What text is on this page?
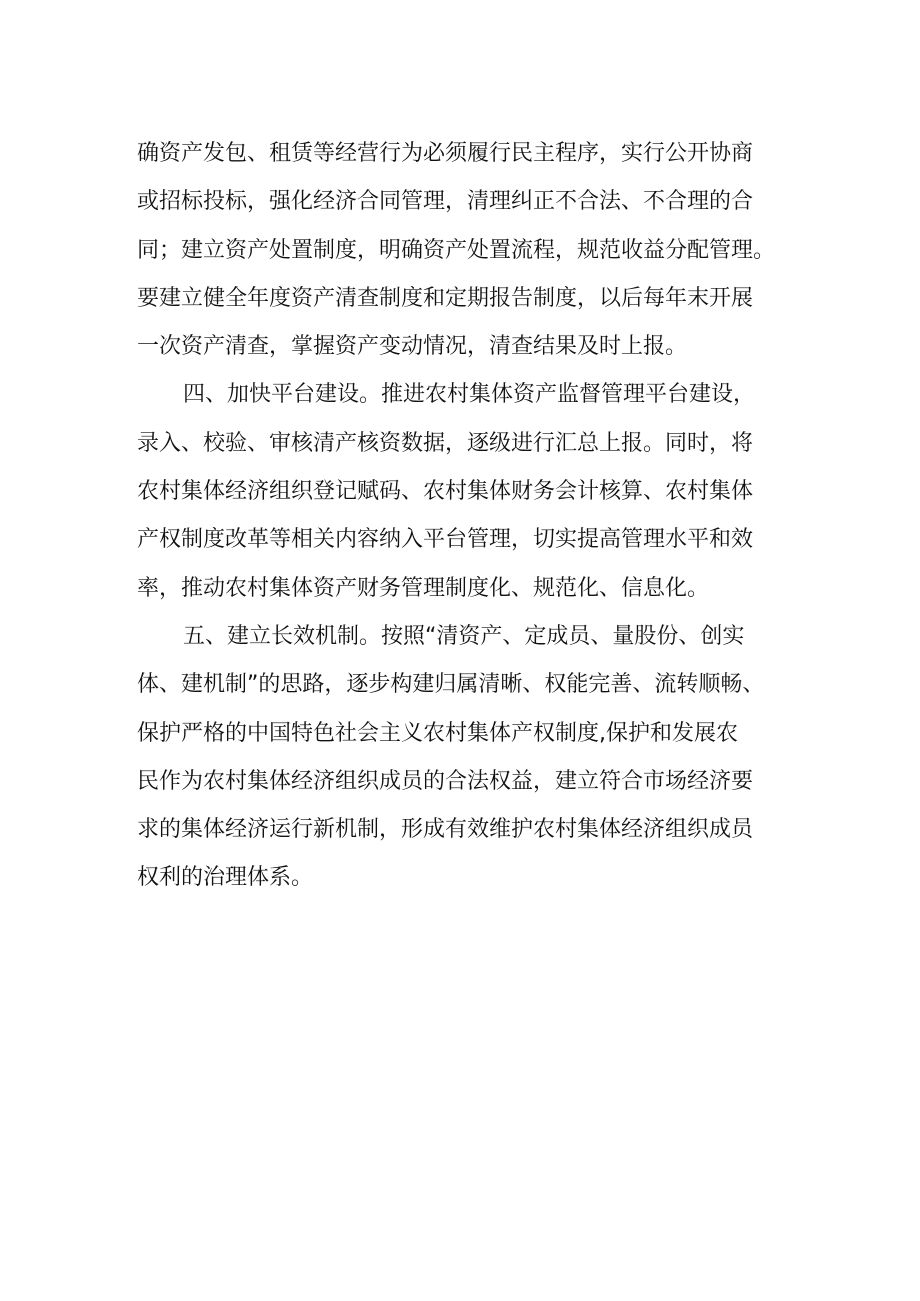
确资产发包、租赁等经营行为必须履行民主程序，实行公开协商
或招标投标，强化经济合同管理，清理纠正不合法、不合理的合
同；建立资产处置制度，明确资产处置流程，规范收益分配管理。
要建立健全年度资产清查制度和定期报告制度，以后每年末开展
一次资产清查，掌握资产变动情况，清查结果及时上报。
四、加快平台建设。推进农村集体资产监督管理平台建设，
录入、校验、审核清产核资数据，逐级进行汇总上报。同时，将
农村集体经济组织登记赋码、农村集体财务会计核算、农村集体
产权制度改革等相关内容纳入平台管理，切实提高管理水平和效
率，推动农村集体资产财务管理制度化、规范化、信息化。
五、建立长效机制。按照“清资产、定成员、量股份、创实
体、建机制”的思路，逐步构建归属清晰、权能完善、流转顺畅、
保护严格的中国特色社会主义农村集体产权制度,保护和发展农
民作为农村集体经济组织成员的合法权益，建立符合市场经济要
求的集体经济运行新机制，形成有效维护农村集体经济组织成员
权利的治理体系。
